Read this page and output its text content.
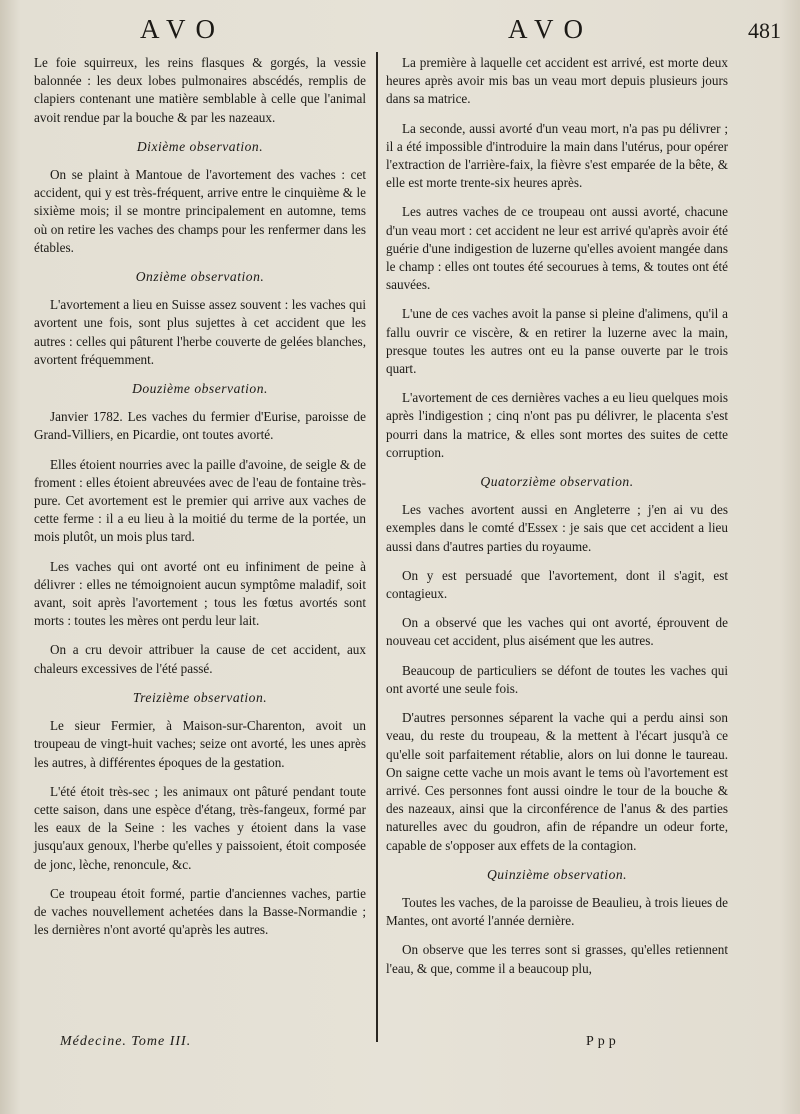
AVO	AVO	481

Le foie squirreux, les reins flasques & gorgés, la vessie balonnée : les deux lobes pulmonaires abscédés, remplis de clapiers contenant une matière semblable à celle que l'animal avoit rendue par la bouche & par les nazeaux.

Dixième observation.

On se plaint à Mantoue de l'avortement des vaches : cet accident, qui y est très-fréquent, arrive entre le cinquième & le sixième mois; il se montre principalement en automne, tems où on retire les vaches des champs pour les renfermer dans les étables.

Onzième observation.

L'avortement a lieu en Suisse assez souvent : les vaches qui avortent une fois, sont plus sujettes à cet accident que les autres : celles qui pâturent l'herbe couverte de gelées blanches, avortent fréquemment.

Douzième observation.

Janvier 1782. Les vaches du fermier d'Eurise, paroisse de Grand-Villiers, en Picardie, ont toutes avorté.

Elles étoient nourries avec la paille d'avoine, de seigle & de froment : elles étoient abreuvées avec de l'eau de fontaine très-pure. Cet avortement est le premier qui arrive aux vaches de cette ferme : il a eu lieu à la moitié du terme de la portée, un mois plutôt, un mois plus tard.

Les vaches qui ont avorté ont eu infiniment de peine à délivrer : elles ne témoignoient aucun symptôme maladif, soit avant, soit après l'avortement ; tous les fœtus avortés sont morts : toutes les mères ont perdu leur lait.

On a cru devoir attribuer la cause de cet accident, aux chaleurs excessives de l'été passé.

Treizième observation.

Le sieur Fermier, à Maison-sur-Charenton, avoit un troupeau de vingt-huit vaches; seize ont avorté, les unes après les autres, à différentes époques de la gestation.

L'été étoit très-sec ; les animaux ont pâturé pendant toute cette saison, dans une espèce d'étang, très-fangeux, formé par les eaux de la Seine : les vaches y étoient dans la vase jusqu'aux genoux, l'herbe qu'elles y paissoient, étoit composée de jonc, lèche, renoncule, &c.

Ce troupeau étoit formé, partie d'anciennes vaches, partie de vaches nouvellement achetées dans la Basse-Normandie ; les dernières n'ont avorté qu'après les autres.

La première à laquelle cet accident est arrivé, est morte deux heures après avoir mis bas un veau mort depuis plusieurs jours dans sa matrice.

La seconde, aussi avorté d'un veau mort, n'a pas pu délivrer ; il a été impossible d'introduire la main dans l'utérus, pour opérer l'extraction de l'arrière-faix, la fièvre s'est emparée de la bête, & elle est morte trente-six heures après.

Les autres vaches de ce troupeau ont aussi avorté, chacune d'un veau mort : cet accident ne leur est arrivé qu'après avoir été guérie d'une indigestion de luzerne qu'elles avoient mangée dans le champ : elles ont toutes été secourues à tems, & toutes ont été sauvées.

L'une de ces vaches avoit la panse si pleine d'alimens, qu'il a fallu ouvrir ce viscère, & en retirer la luzerne avec la main, presque toutes les autres ont eu la panse ouverte par le trois quart.

L'avortement de ces dernières vaches a eu lieu quelques mois après l'indigestion ; cinq n'ont pas pu délivrer, le placenta s'est pourri dans la matrice, & elles sont mortes des suites de cette corruption.

Quatorzième observation.

Les vaches avortent aussi en Angleterre ; j'en ai vu des exemples dans le comté d'Essex : je sais que cet accident a lieu aussi dans d'autres parties du royaume.

On y est persuadé que l'avortement, dont il s'agit, est contagieux.

On a observé que les vaches qui ont avorté, éprouvent de nouveau cet accident, plus aisément que les autres.

Beaucoup de particuliers se défont de toutes les vaches qui ont avorté une seule fois.

D'autres personnes séparent la vache qui a perdu ainsi son veau, du reste du troupeau, & la mettent à l'écart jusqu'à ce qu'elle soit parfaitement rétablie, alors on lui donne le taureau. On saigne cette vache un mois avant le tems où l'avortement est arrivé. Ces personnes font aussi oindre le tour de la bouche & des nazeaux, ainsi que la circonférence de l'anus & des parties naturelles avec du goudron, afin de répandre un odeur forte, capable de s'opposer aux effets de la contagion.

Quinzième observation.

Toutes les vaches, de la paroisse de Beaulieu, à trois lieues de Mantes, ont avorté l'année dernière.

On observe que les terres sont si grasses, qu'elles retiennent l'eau, & que, comme il a beaucoup plu,

Médecine. Tome III.	Ppp
